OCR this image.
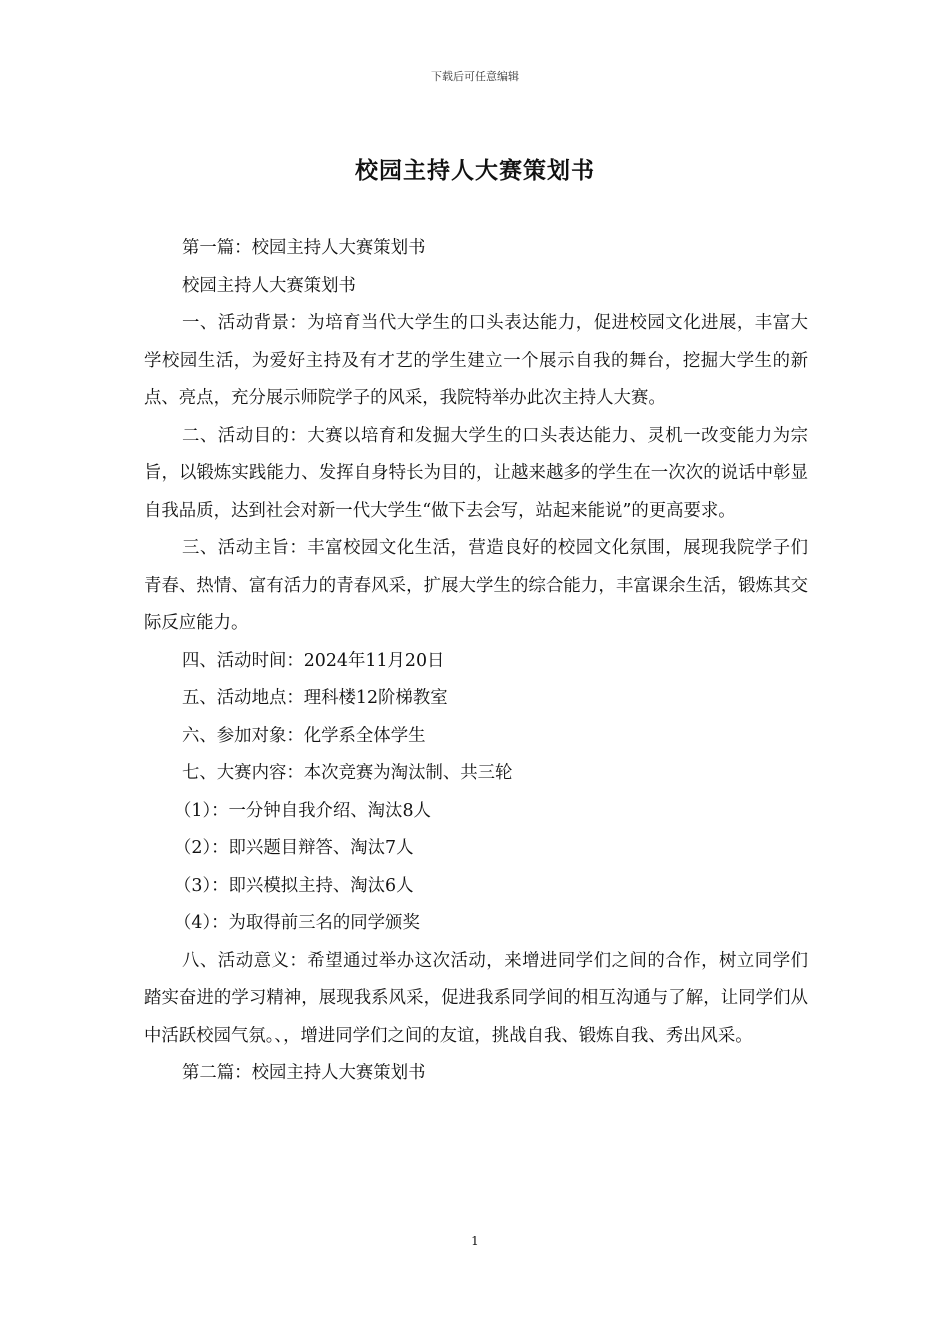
下载后可任意编辑
校园主持人大赛策划书

第一篇：校园主持人大赛策划书

校园主持人大赛策划书

一、活动背景：为培育当代大学生的口头表达能力，促进校园文化进展，丰富大学校园生活，为爱好主持及有才艺的学生建立一个展示自我的舞台，挖掘大学生的新点、亮点，充分展示师院学子的风采，我院特举办此次主持人大赛。

二、活动目的：大赛以培育和发掘大学生的口头表达能力、灵机一改变能力为宗旨，以锻炼实践能力、发挥自身特长为目的，让越来越多的学生在一次次的说话中彰显自我品质，达到社会对新一代大学生“做下去会写，站起来能说”的更高要求。

三、活动主旨：丰富校园文化生活，营造良好的校园文化氛围，展现我院学子们青春、热情、富有活力的青春风采，扩展大学生的综合能力，丰富课余生活，锻炼其交际反应能力。

四、活动时间：2024年11月20日

五、活动地点：理科楼12阶梯教室

六、参加对象：化学系全体学生

七、大赛内容：本次竞赛为淘汰制、共三轮

（1）：一分钟自我介绍、淘汰8人

（2）：即兴题目辩答、淘汰7人

（3）：即兴模拟主持、淘汰6人

（4）：为取得前三名的同学颁奖

八、活动意义：希望通过举办这次活动，来增进同学们之间的合作，树立同学们踏实奋进的学习精神，展现我系风采，促进我系同学间的相互沟通与了解，让同学们从中活跃校园气氛。、，增进同学们之间的友谊，挑战自我、锻炼自我、秀出风采。

第二篇：校园主持人大赛策划书

1
